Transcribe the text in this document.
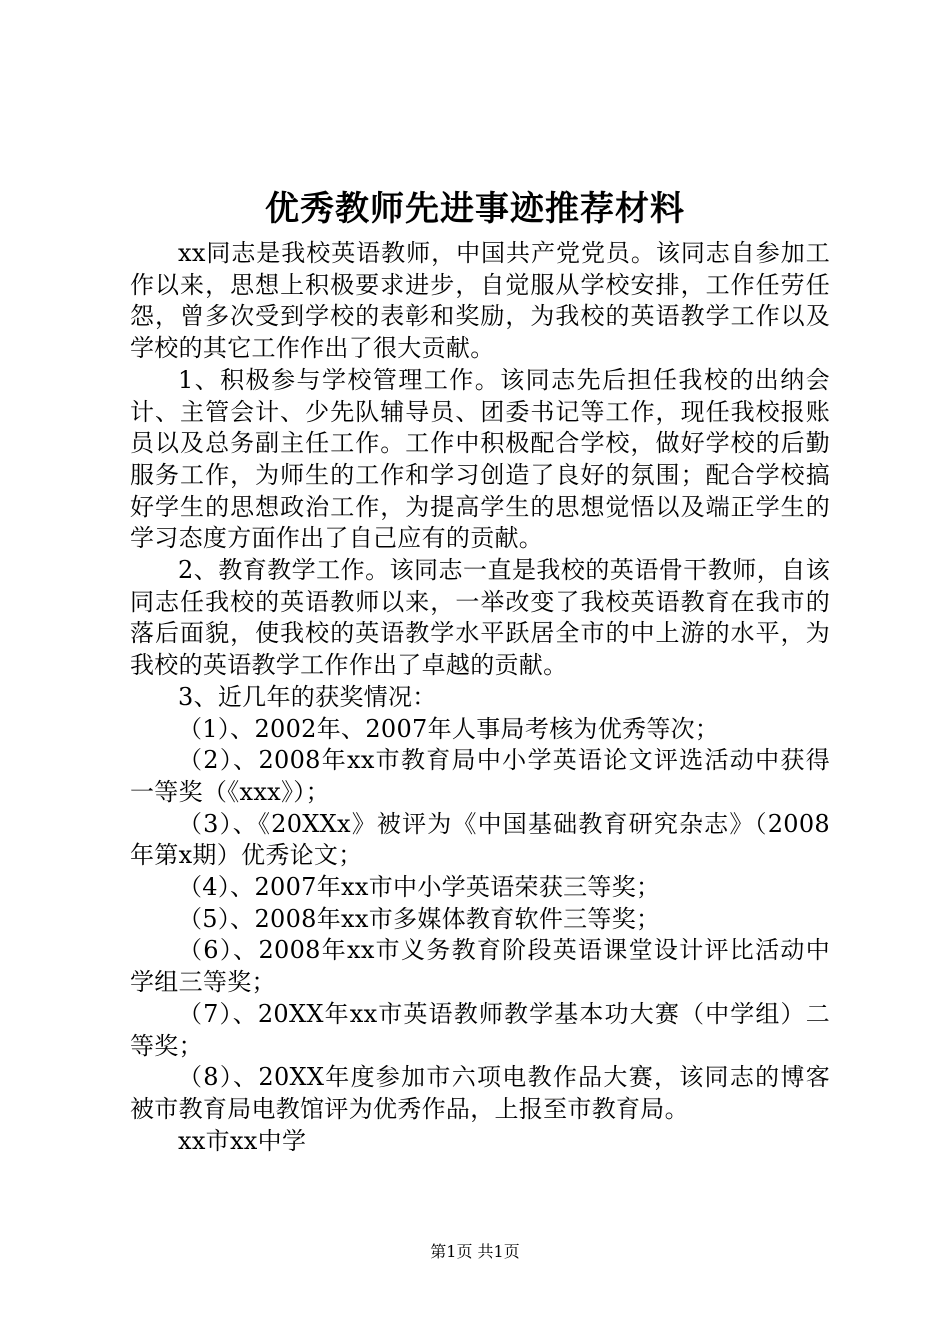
优秀教师先进事迹推荐材料

xx同志是我校英语教师，中国共产党党员。该同志自参加工作以来，思想上积极要求进步，自觉服从学校安排，工作任劳任怨，曾多次受到学校的表彰和奖励，为我校的英语教学工作以及学校的其它工作作出了很大贡献。

1、积极参与学校管理工作。该同志先后担任我校的出纳会计、主管会计、少先队辅导员、团委书记等工作，现任我校报账员以及总务副主任工作。工作中积极配合学校，做好学校的后勤服务工作，为师生的工作和学习创造了良好的氛围；配合学校搞好学生的思想政治工作，为提高学生的思想觉悟以及端正学生的学习态度方面作出了自己应有的贡献。

2、教育教学工作。该同志一直是我校的英语骨干教师，自该同志任我校的英语教师以来，一举改变了我校英语教育在我市的落后面貌，使我校的英语教学水平跃居全市的中上游的水平，为我校的英语教学工作作出了卓越的贡献。

3、近几年的获奖情况：

（1）、2002年、2007年人事局考核为优秀等次；

（2）、2008年xx市教育局中小学英语论文评选活动中获得一等奖（《xxx》）；

（3）、《20XXx》被评为《中国基础教育研究杂志》（2008年第x期）优秀论文；

（4）、2007年xx市中小学英语荣获三等奖；

（5）、2008年xx市多媒体教育软件三等奖；

（6）、2008年xx市义务教育阶段英语课堂设计评比活动中学组三等奖；

（7）、20XX年xx市英语教师教学基本功大赛（中学组）二等奖；

（8）、20XX年度参加市六项电教作品大赛，该同志的博客被市教育局电教馆评为优秀作品，上报至市教育局。

xx市xx中学

第1页 共1页
